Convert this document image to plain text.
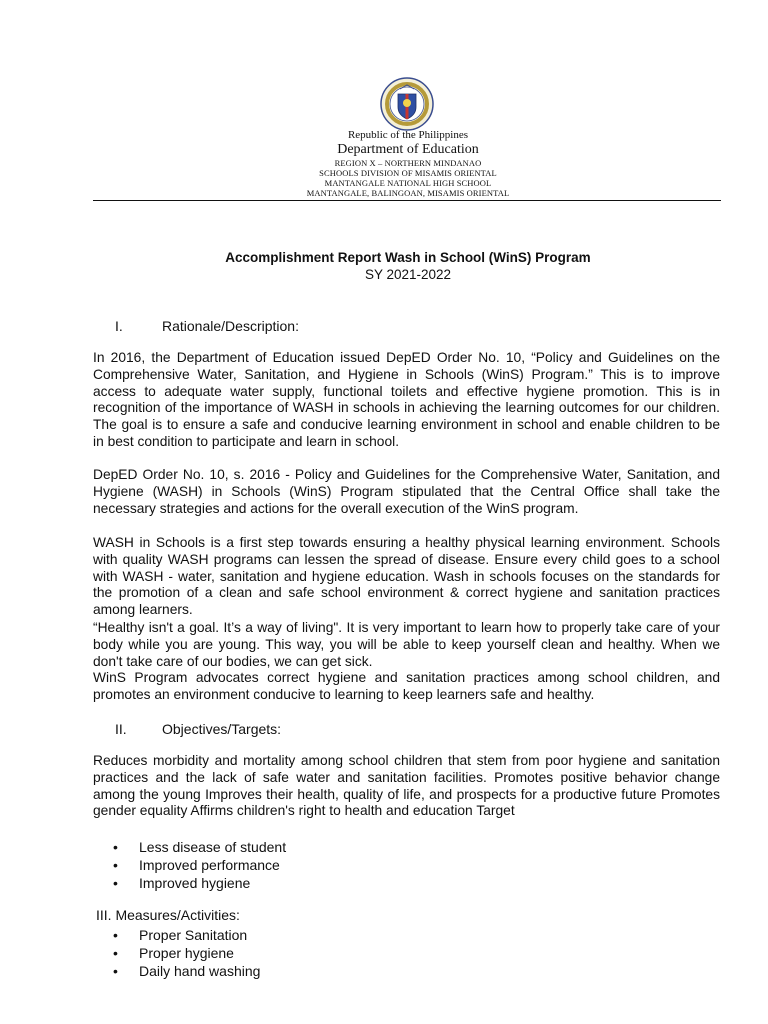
Republic of the Philippines
Department of Education
REGION X – NORTHERN MINDANAO
SCHOOLS DIVISION OF MISAMIS ORIENTAL
MANTANGALE NATIONAL HIGH SCHOOL
MANTANGALE, BALINGOAN, MISAMIS ORIENTAL
Accomplishment Report Wash in School (WinS) Program
SY 2021-2022
I.	Rationale/Description:

In 2016, the Department of Education issued DepED Order No. 10, “Policy and Guidelines on the Comprehensive Water, Sanitation, and Hygiene in Schools (WinS) Program.” This is to improve access to adequate water supply, functional toilets and effective hygiene promotion. This is in recognition of the importance of WASH in schools in achieving the learning outcomes for our children. The goal is to ensure a safe and conducive learning environment in school and enable children to be in best condition to participate and learn in school.

DepED Order No. 10, s. 2016 - Policy and Guidelines for the Comprehensive Water, Sanitation, and Hygiene (WASH) in Schools (WinS) Program stipulated that the Central Office shall take the necessary strategies and actions for the overall execution of the WinS program.

WASH in Schools is a first step towards ensuring a healthy physical learning environment. Schools with quality WASH programs can lessen the spread of disease. Ensure every child goes to a school with WASH - water, sanitation and hygiene education. Wash in schools focuses on the standards for the promotion of a clean and safe school environment & correct hygiene and sanitation practices among learners.

“Healthy isn't a goal. It’s a way of living". It is very important to learn how to properly take care of your body while you are young. This way, you will be able to keep yourself clean and healthy. When we don't take care of our bodies, we can get sick.

WinS Program advocates correct hygiene and sanitation practices among school children, and promotes an environment conducive to learning to keep learners safe and healthy.

II.	Objectives/Targets:

Reduces morbidity and mortality among school children that stem from poor hygiene and sanitation practices and the lack of safe water and sanitation facilities. Promotes positive behavior change among the young Improves their health, quality of life, and prospects for a productive future Promotes gender equality Affirms children's right to health and education Target

• Less disease of student
• Improved performance
• Improved hygiene
III. Measures/Activities:
• Proper Sanitation
• Proper hygiene
• Daily hand washing
